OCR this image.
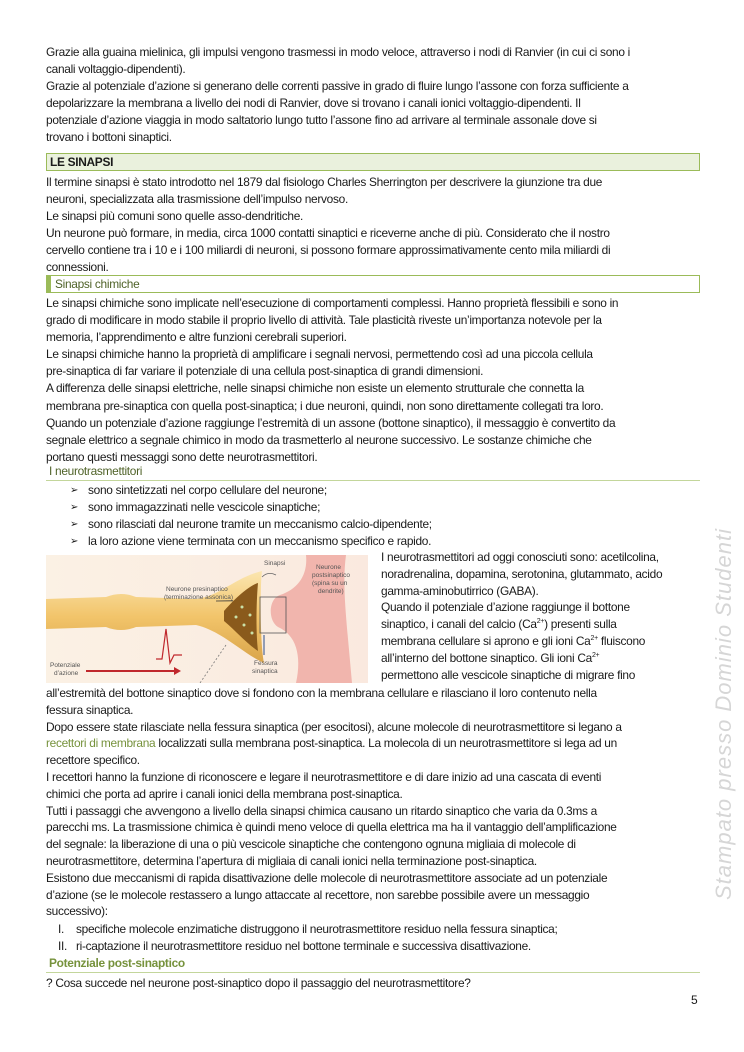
Grazie alla guaina mielinica, gli impulsi vengono trasmessi in modo veloce, attraverso i nodi di Ranvier (in cui ci sono i
canali voltaggio-dipendenti).
Grazie al potenziale d’azione si generano delle correnti passive in grado di fluire lungo l’assone con forza sufficiente a
depolarizzare la membrana a livello dei nodi di Ranvier, dove si trovano i canali ionici voltaggio-dipendenti. Il
potenziale d’azione viaggia in modo saltatorio lungo tutto l’assone fino ad arrivare al terminale assonale dove si
trovano i bottoni sinaptici.
LE SINAPSI
Il termine sinapsi è stato introdotto nel 1879 dal fisiologo Charles Sherrington per descrivere la giunzione tra due
neuroni, specializzata alla trasmissione dell’impulso nervoso.
Le sinapsi più comuni sono quelle asso-dendritiche.
Un neurone può formare, in media, circa 1000 contatti sinaptici e riceverne anche di più. Considerato che il nostro
cervello contiene tra i 10 e i 100 miliardi di neuroni, si possono formare approssimativamente cento mila miliardi di
connessioni.
Sinapsi chimiche
Le sinapsi chimiche sono implicate nell’esecuzione di comportamenti complessi. Hanno proprietà flessibili e sono in
grado di modificare in modo stabile il proprio livello di attività. Tale plasticità riveste un’importanza notevole per la
memoria, l’apprendimento e altre funzioni cerebrali superiori.
Le sinapsi chimiche hanno la proprietà di amplificare i segnali nervosi, permettendo così ad una piccola cellula
pre-sinaptica di far variare il potenziale di una cellula post-sinaptica di grandi dimensioni.
A differenza delle sinapsi elettriche, nelle sinapsi chimiche non esiste un elemento strutturale che connetta la
membrana pre-sinaptica con quella post-sinaptica; i due neuroni, quindi, non sono direttamente collegati tra loro.
Quando un potenziale d’azione raggiunge l’estremità di un assone (bottone sinaptico), il messaggio è convertito da
segnale elettrico a segnale chimico in modo da trasmetterlo al neurone successivo. Le sostanze chimiche che
portano questi messaggi sono dette neurotrasmettitori.
I neurotrasmettitori
➢ sono sintetizzati nel corpo cellulare del neurone;
➢ sono immagazzinati nelle vescicole sinaptiche;
➢ sono rilasciati dal neurone tramite un meccanismo calcio-dipendente;
➢ la loro azione viene terminata con un meccanismo specifico e rapido.
Neurone presinaptico
(terminazione assonica)
Sinapsi
Neurone
postsinaptico
(spina su un
dendrite)
Fessura
sinaptica
Potenziale
d’azione
I neurotrasmettitori ad oggi conosciuti sono: acetilcolina,
noradrenalina, dopamina, serotonina, glutammato, acido
gamma-aminobutirrico (GABA).
Quando il potenziale d’azione raggiunge il bottone
sinaptico, i canali del calcio $(Ca^{2+})$ presenti sulla
membrana cellulare si aprono e gli ioni $Ca^{2+}$ fluiscono
all’interno del bottone sinaptico. Gli ioni $Ca^{2+}$
permettono alle vescicole sinaptiche di migrare fino
all’estremità del bottone sinaptico dove si fondono con la membrana cellulare e rilasciano il loro contenuto nella
fessura sinaptica.
Dopo essere state rilasciate nella fessura sinaptica (per esocitosi), alcune molecole di neurotrasmettitore si legano a
recettori di membrana localizzati sulla membrana post-sinaptica. La molecola di un neurotrasmettitore si lega ad un
recettore specifico.
I recettori hanno la funzione di riconoscere e legare il neurotrasmettitore e di dare inizio ad una cascata di eventi
chimici che porta ad aprire i canali ionici della membrana post-sinaptica.
Tutti i passaggi che avvengono a livello della sinapsi chimica causano un ritardo sinaptico che varia da 0.3ms a
parecchi ms. La trasmissione chimica è quindi meno veloce di quella elettrica ma ha il vantaggio dell’amplificazione
del segnale: la liberazione di una o più vescicole sinaptiche che contengono ognuna migliaia di molecole di
neurotrasmettitore, determina l’apertura di migliaia di canali ionici nella terminazione post-sinaptica.
Esistono due meccanismi di rapida disattivazione delle molecole di neurotrasmettitore associate ad un potenziale
d’azione (se le molecole restassero a lungo attaccate al recettore, non sarebbe possibile avere un messaggio
successivo):
I. specifiche molecole enzimatiche distruggono il neurotrasmettitore residuo nella fessura sinaptica;
II. ri-captazione il neurotrasmettitore residuo nel bottone terminale e successiva disattivazione.
Potenziale post-sinaptico
? Cosa succede nel neurone post-sinaptico dopo il passaggio del neurotrasmettitore?
5
Stampato presso Dominio Studenti
